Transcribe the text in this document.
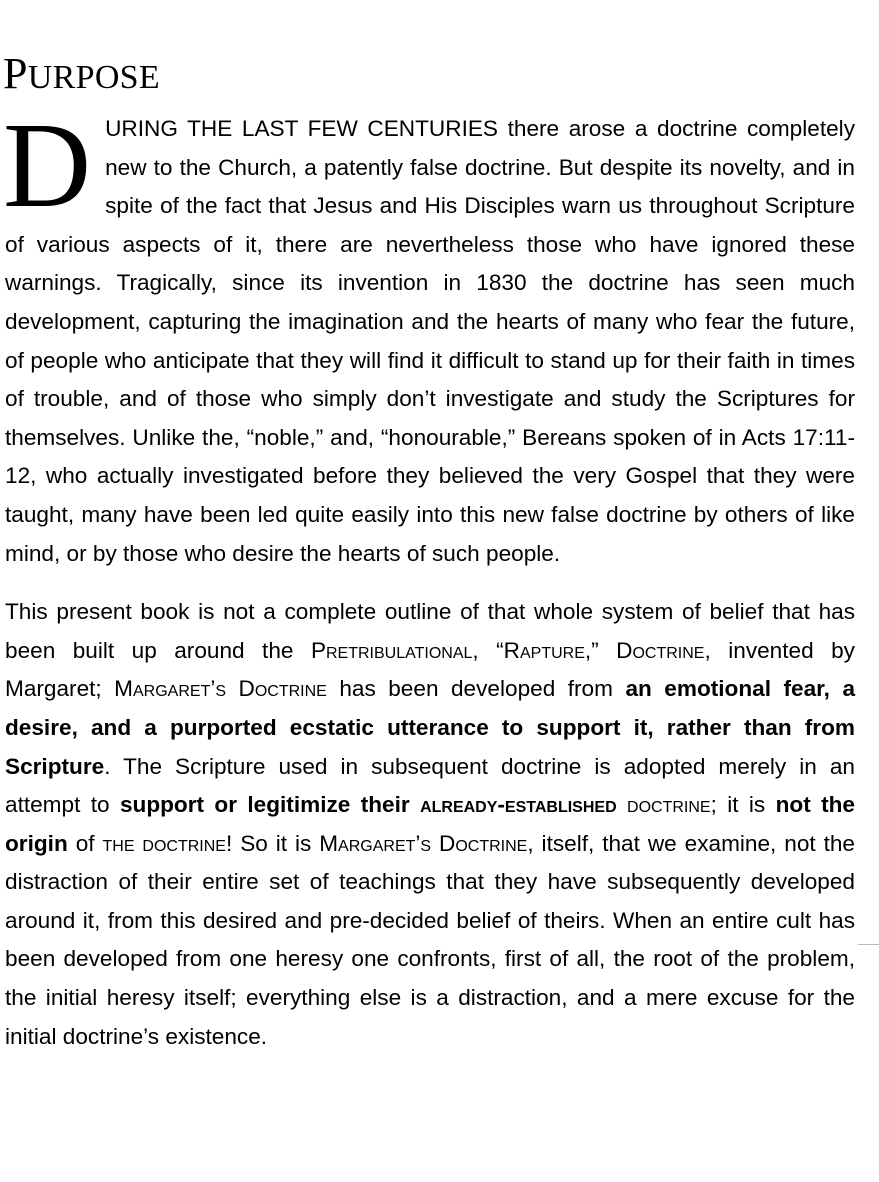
PURPOSE

DURING THE LAST FEW CENTURIES there arose a doctrine completely new to the Church, a patently false doctrine. But despite its novelty, and in spite of the fact that Jesus and His Disciples warn us throughout Scripture of various aspects of it, there are nevertheless those who have ignored these warnings. Tragically, since its invention in 1830 the doctrine has seen much development, capturing the imagination and the hearts of many who fear the future, of people who anticipate that they will find it difficult to stand up for their faith in times of trouble, and of those who simply don’t investigate and study the Scriptures for themselves. Unlike the, “noble,” and, “honourable,” Bereans spoken of in Acts 17:11-12, who actually investigated before they believed the very Gospel that they were taught, many have been led quite easily into this new false doctrine by others of like mind, or by those who desire the hearts of such people.

This present book is not a complete outline of that whole system of belief that has been built up around the Pretribulational, “Rapture,” Doctrine, invented by Margaret; Margaret’s Doctrine has been developed from an emotional fear, a desire, and a purported ecstatic utterance to support it, rather than from Scripture. The Scripture used in subsequent doctrine is adopted merely in an attempt to support or legitimize their already-established doctrine; it is not the origin of the doctrine! So it is Margaret’s Doctrine, itself, that we examine, not the distraction of their entire set of teachings that they have subsequently developed around it, from this desired and pre-decided belief of theirs. When an entire cult has been developed from one heresy one confronts, first of all, the root of the problem, the initial heresy itself; everything else is a distraction, and a mere excuse for the initial doctrine’s existence.
